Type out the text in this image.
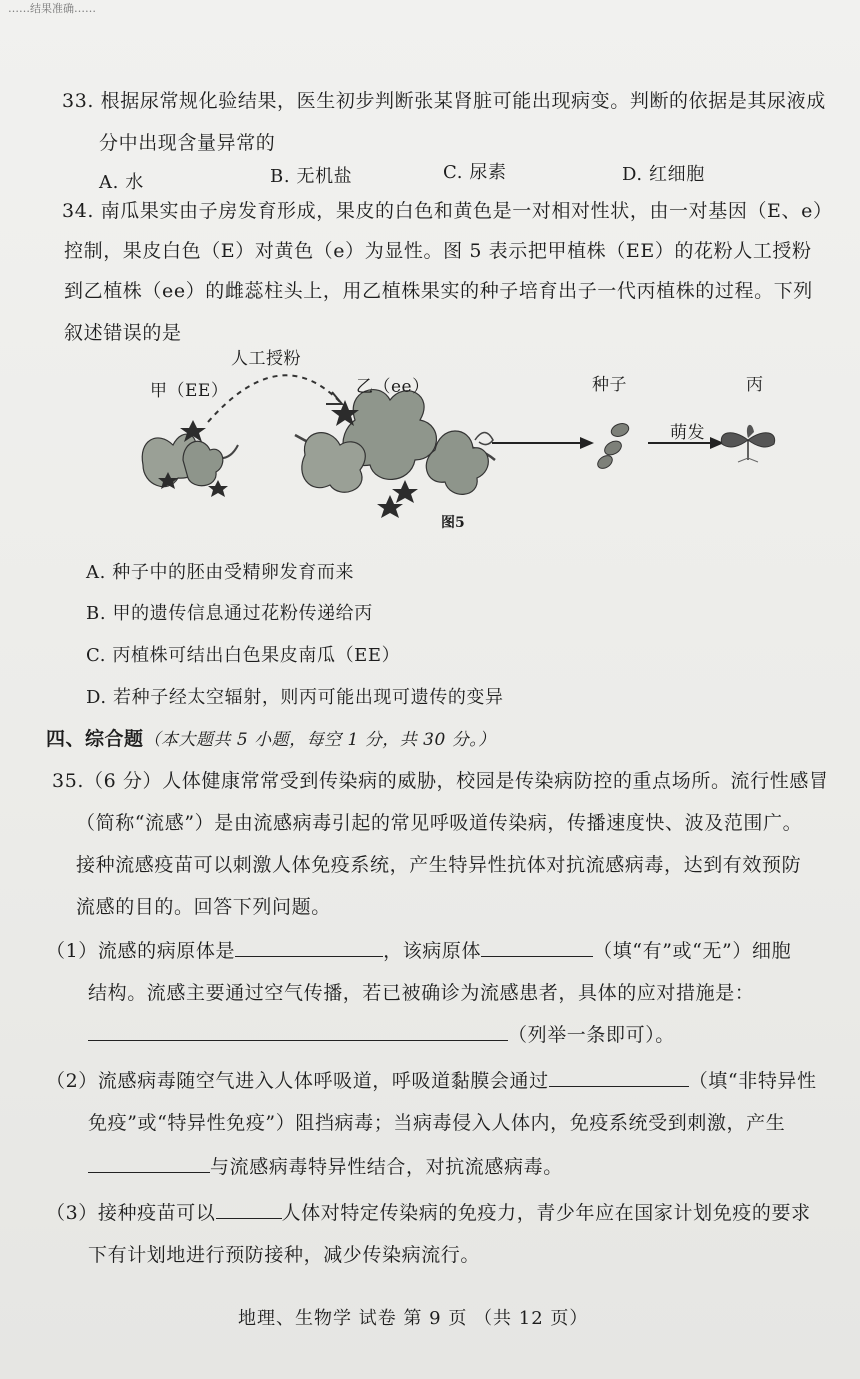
……结果准确……
33. 根据尿常规化验结果，医生初步判断张某肾脏可能出现病变。判断的依据是其尿液成
分中出现含量异常的
A. 水	B. 无机盐	C. 尿素	D. 红细胞
34. 南瓜果实由子房发育形成，果皮的白色和黄色是一对相对性状，由一对基因（E、e）
控制，果皮白色（E）对黄色（e）为显性。图 5 表示把甲植株（EE）的花粉人工授粉
到乙植株（ee）的雌蕊柱头上，用乙植株果实的种子培育出子一代丙植株的过程。下列
叙述错误的是
人工授粉
甲（EE）	乙（ee）	种子	丙
萌发
图5
A. 种子中的胚由受精卵发育而来
B. 甲的遗传信息通过花粉传递给丙
C. 丙植株可结出白色果皮南瓜（EE）
D. 若种子经太空辐射，则丙可能出现可遗传的变异
四、综合题（本大题共 5 小题，每空 1 分，共 30 分。）
35.（6 分）人体健康常常受到传染病的威胁，校园是传染病防控的重点场所。流行性感冒
（简称“流感”）是由流感病毒引起的常见呼吸道传染病，传播速度快、波及范围广。
接种流感疫苗可以刺激人体免疫系统，产生特异性抗体对抗流感病毒，达到有效预防
流感的目的。回答下列问题。
（1）流感的病原体是	，该病原体	（填“有”或“无”）细胞
结构。流感主要通过空气传播，若已被确诊为流感患者，具体的应对措施是：
（列举一条即可）。
（2）流感病毒随空气进入人体呼吸道，呼吸道黏膜会通过	（填“非特异性
免疫”或“特异性免疫”）阻挡病毒；当病毒侵入人体内，免疫系统受到刺激，产生
与流感病毒特异性结合，对抗流感病毒。
（3）接种疫苗可以	人体对特定传染病的免疫力，青少年应在国家计划免疫的要求
下有计划地进行预防接种，减少传染病流行。
地理、生物学 试卷 第 9 页 （共 12 页）
